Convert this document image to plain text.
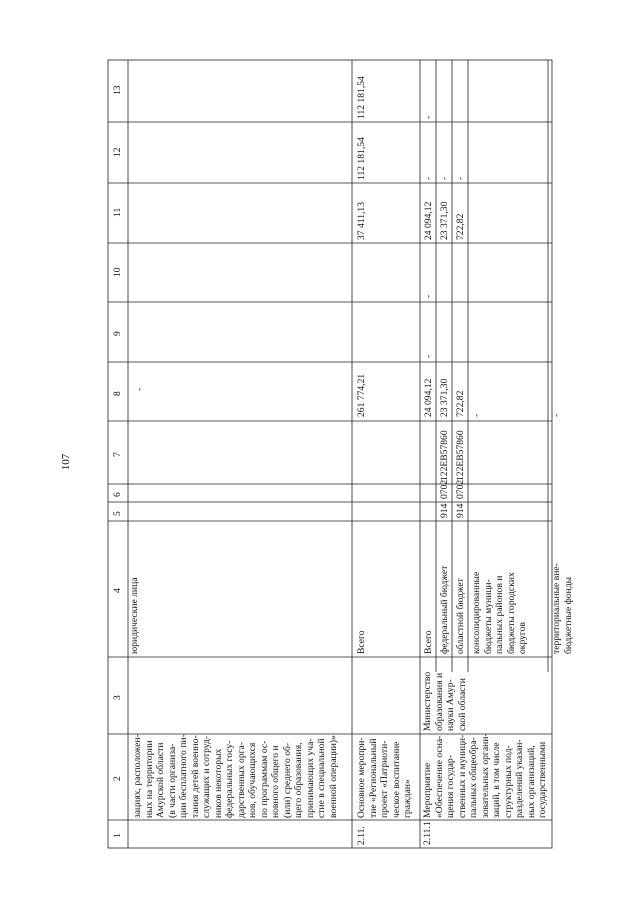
107
1
2
3
4
5
6
7
8
9
10
11
12
13
зациях, расположен- ных на территории Амурской области (в части организа- ции бесплатного пи- тания детей военно- служащих и сотруд- ников некоторых федеральных госу- дарственных орга- нов, обучающихся по программам ос- новного общего и (или) среднего об- щего образования, принимающих уча- стие в специальной военной операции)»
юридические лица
-
2.11.
Основное меропри- тие «Региональный проект «Патриоти- ческое воспитание граждан»
Всего
261 774,21
37 411,13
112 181,54
112 181,54
2.11.1
Мероприятие «Обеспечение осна- щения государ- ственных и муници- пальных общеобра- зовательных органи- заций, в том числе структурных под- разделений указан- ных организаций, государственными
Министерство образования и науки Амур- ской области
Всего
24 094,12
-
-
24 094,12
-
-
федеральный бюджет
914
0702
122EB57860
23 371,30
23 371,30
-
областной бюджет
914
0702
122EB57860
722,82
722,82
-
консолидированные
бюджеты муници-
пальных районов и
бюджеты городских
округов
-
территориальные вне-
бюджетные фонды
-
